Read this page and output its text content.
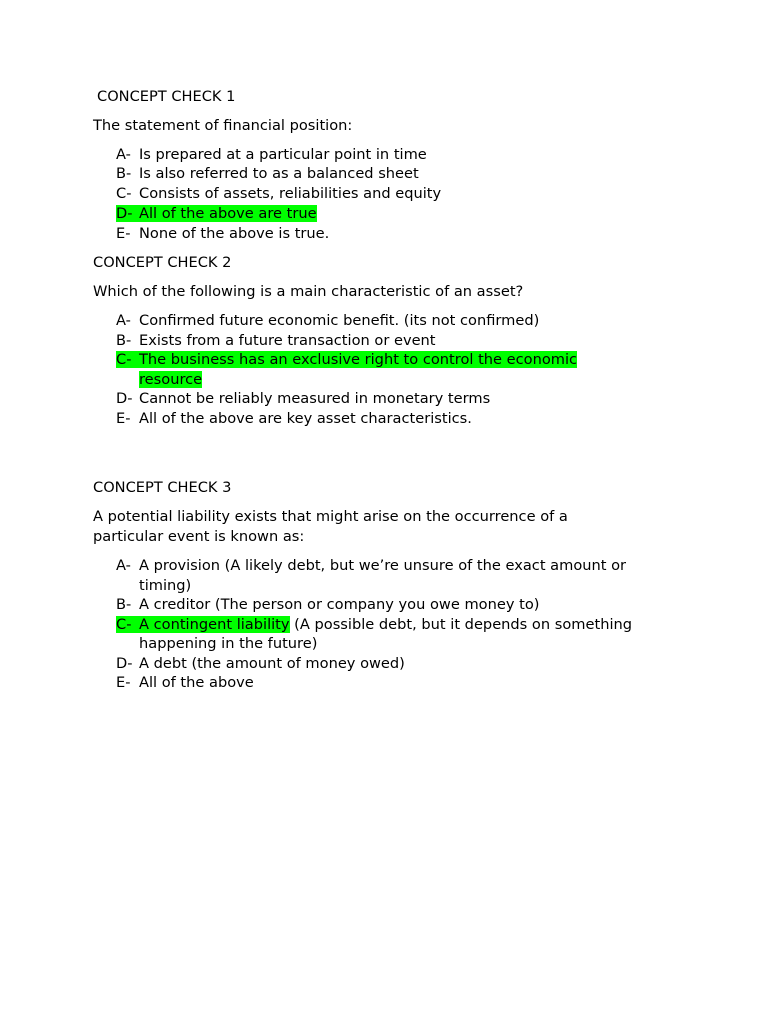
CONCEPT CHECK 1
The statement of financial position:
A- Is prepared at a particular point in time
B- Is also referred to as a balanced sheet
C- Consists of assets, reliabilities and equity
D- All of the above are true
E- None of the above is true.
CONCEPT CHECK 2
Which of the following is a main characteristic of an asset?
A- Confirmed future economic benefit. (its not confirmed)
B- Exists from a future transaction or event
C- The business has an exclusive right to control the economic
resource
D- Cannot be reliably measured in monetary terms
E- All of the above are key asset characteristics.
CONCEPT CHECK 3
A potential liability exists that might arise on the occurrence of a
particular event is known as:
A- A provision (A likely debt, but we’re unsure of the exact amount or
timing)
B- A creditor (The person or company you owe money to)
C- A contingent liability (A possible debt, but it depends on something
happening in the future)
D- A debt (the amount of money owed)
E- All of the above
